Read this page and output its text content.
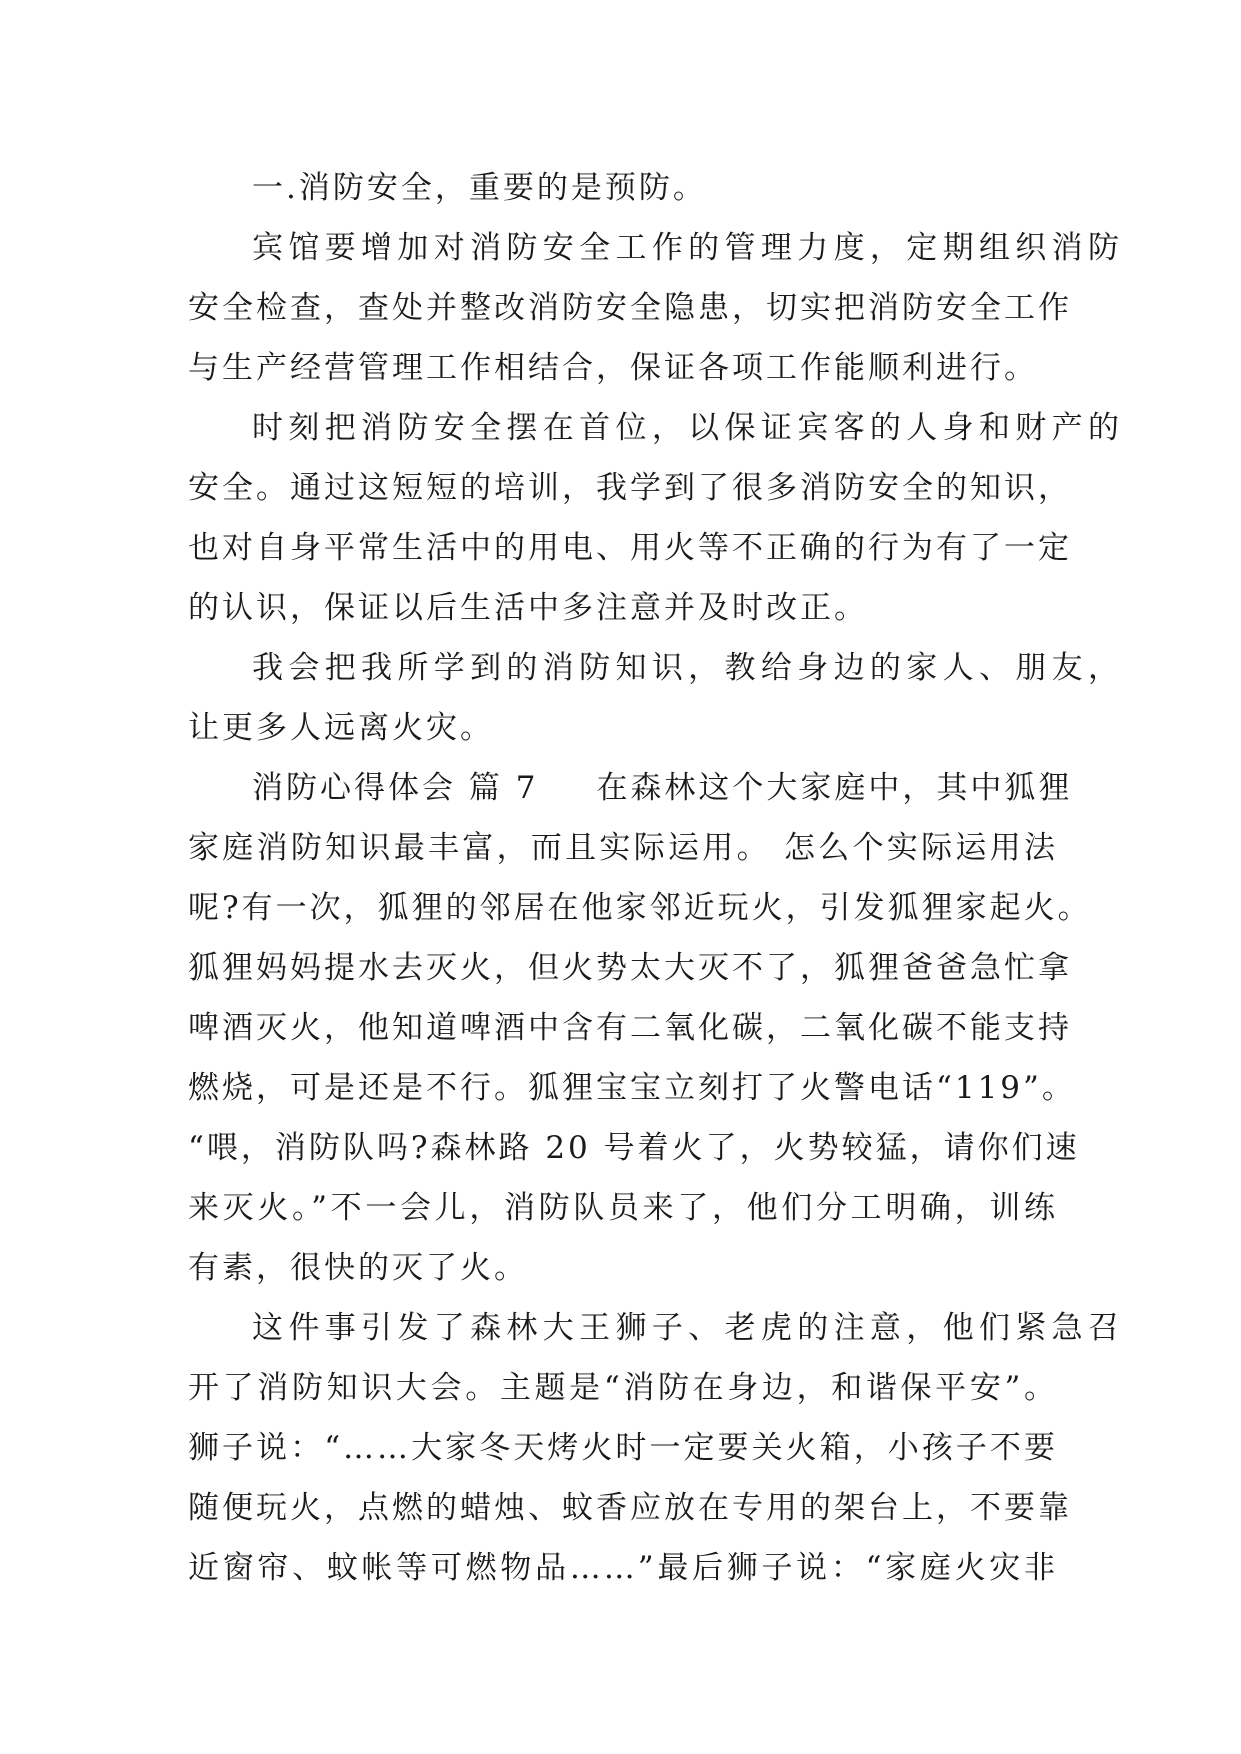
一.消防安全，重要的是预防。
宾馆要增加对消防安全工作的管理力度，定期组织消防
安全检查，查处并整改消防安全隐患，切实把消防安全工作
与生产经营管理工作相结合，保证各项工作能顺利进行。
时刻把消防安全摆在首位，以保证宾客的人身和财产的
安全。通过这短短的培训，我学到了很多消防安全的知识，
也对自身平常生活中的用电、用火等不正确的行为有了一定
的认识，保证以后生活中多注意并及时改正。
我会把我所学到的消防知识，教给身边的家人、朋友，
让更多人远离火灾。
消防心得体会 篇 7 在森林这个大家庭中，其中狐狸
家庭消防知识最丰富，而且实际运用。 怎么个实际运用法
呢?有一次，狐狸的邻居在他家邻近玩火，引发狐狸家起火。
狐狸妈妈提水去灭火，但火势太大灭不了，狐狸爸爸急忙拿
啤酒灭火，他知道啤酒中含有二氧化碳，二氧化碳不能支持
燃烧，可是还是不行。狐狸宝宝立刻打了火警电话“119”。
“喂，消防队吗?森林路 20 号着火了，火势较猛，请你们速
来灭火。”不一会儿，消防队员来了，他们分工明确，训练
有素，很快的灭了火。
这件事引发了森林大王狮子、老虎的注意，他们紧急召
开了消防知识大会。主题是“消防在身边，和谐保平安”。
狮子说：“……大家冬天烤火时一定要关火箱，小孩子不要
随便玩火，点燃的蜡烛、蚊香应放在专用的架台上，不要靠
近窗帘、蚊帐等可燃物品……”最后狮子说：“家庭火灾非
